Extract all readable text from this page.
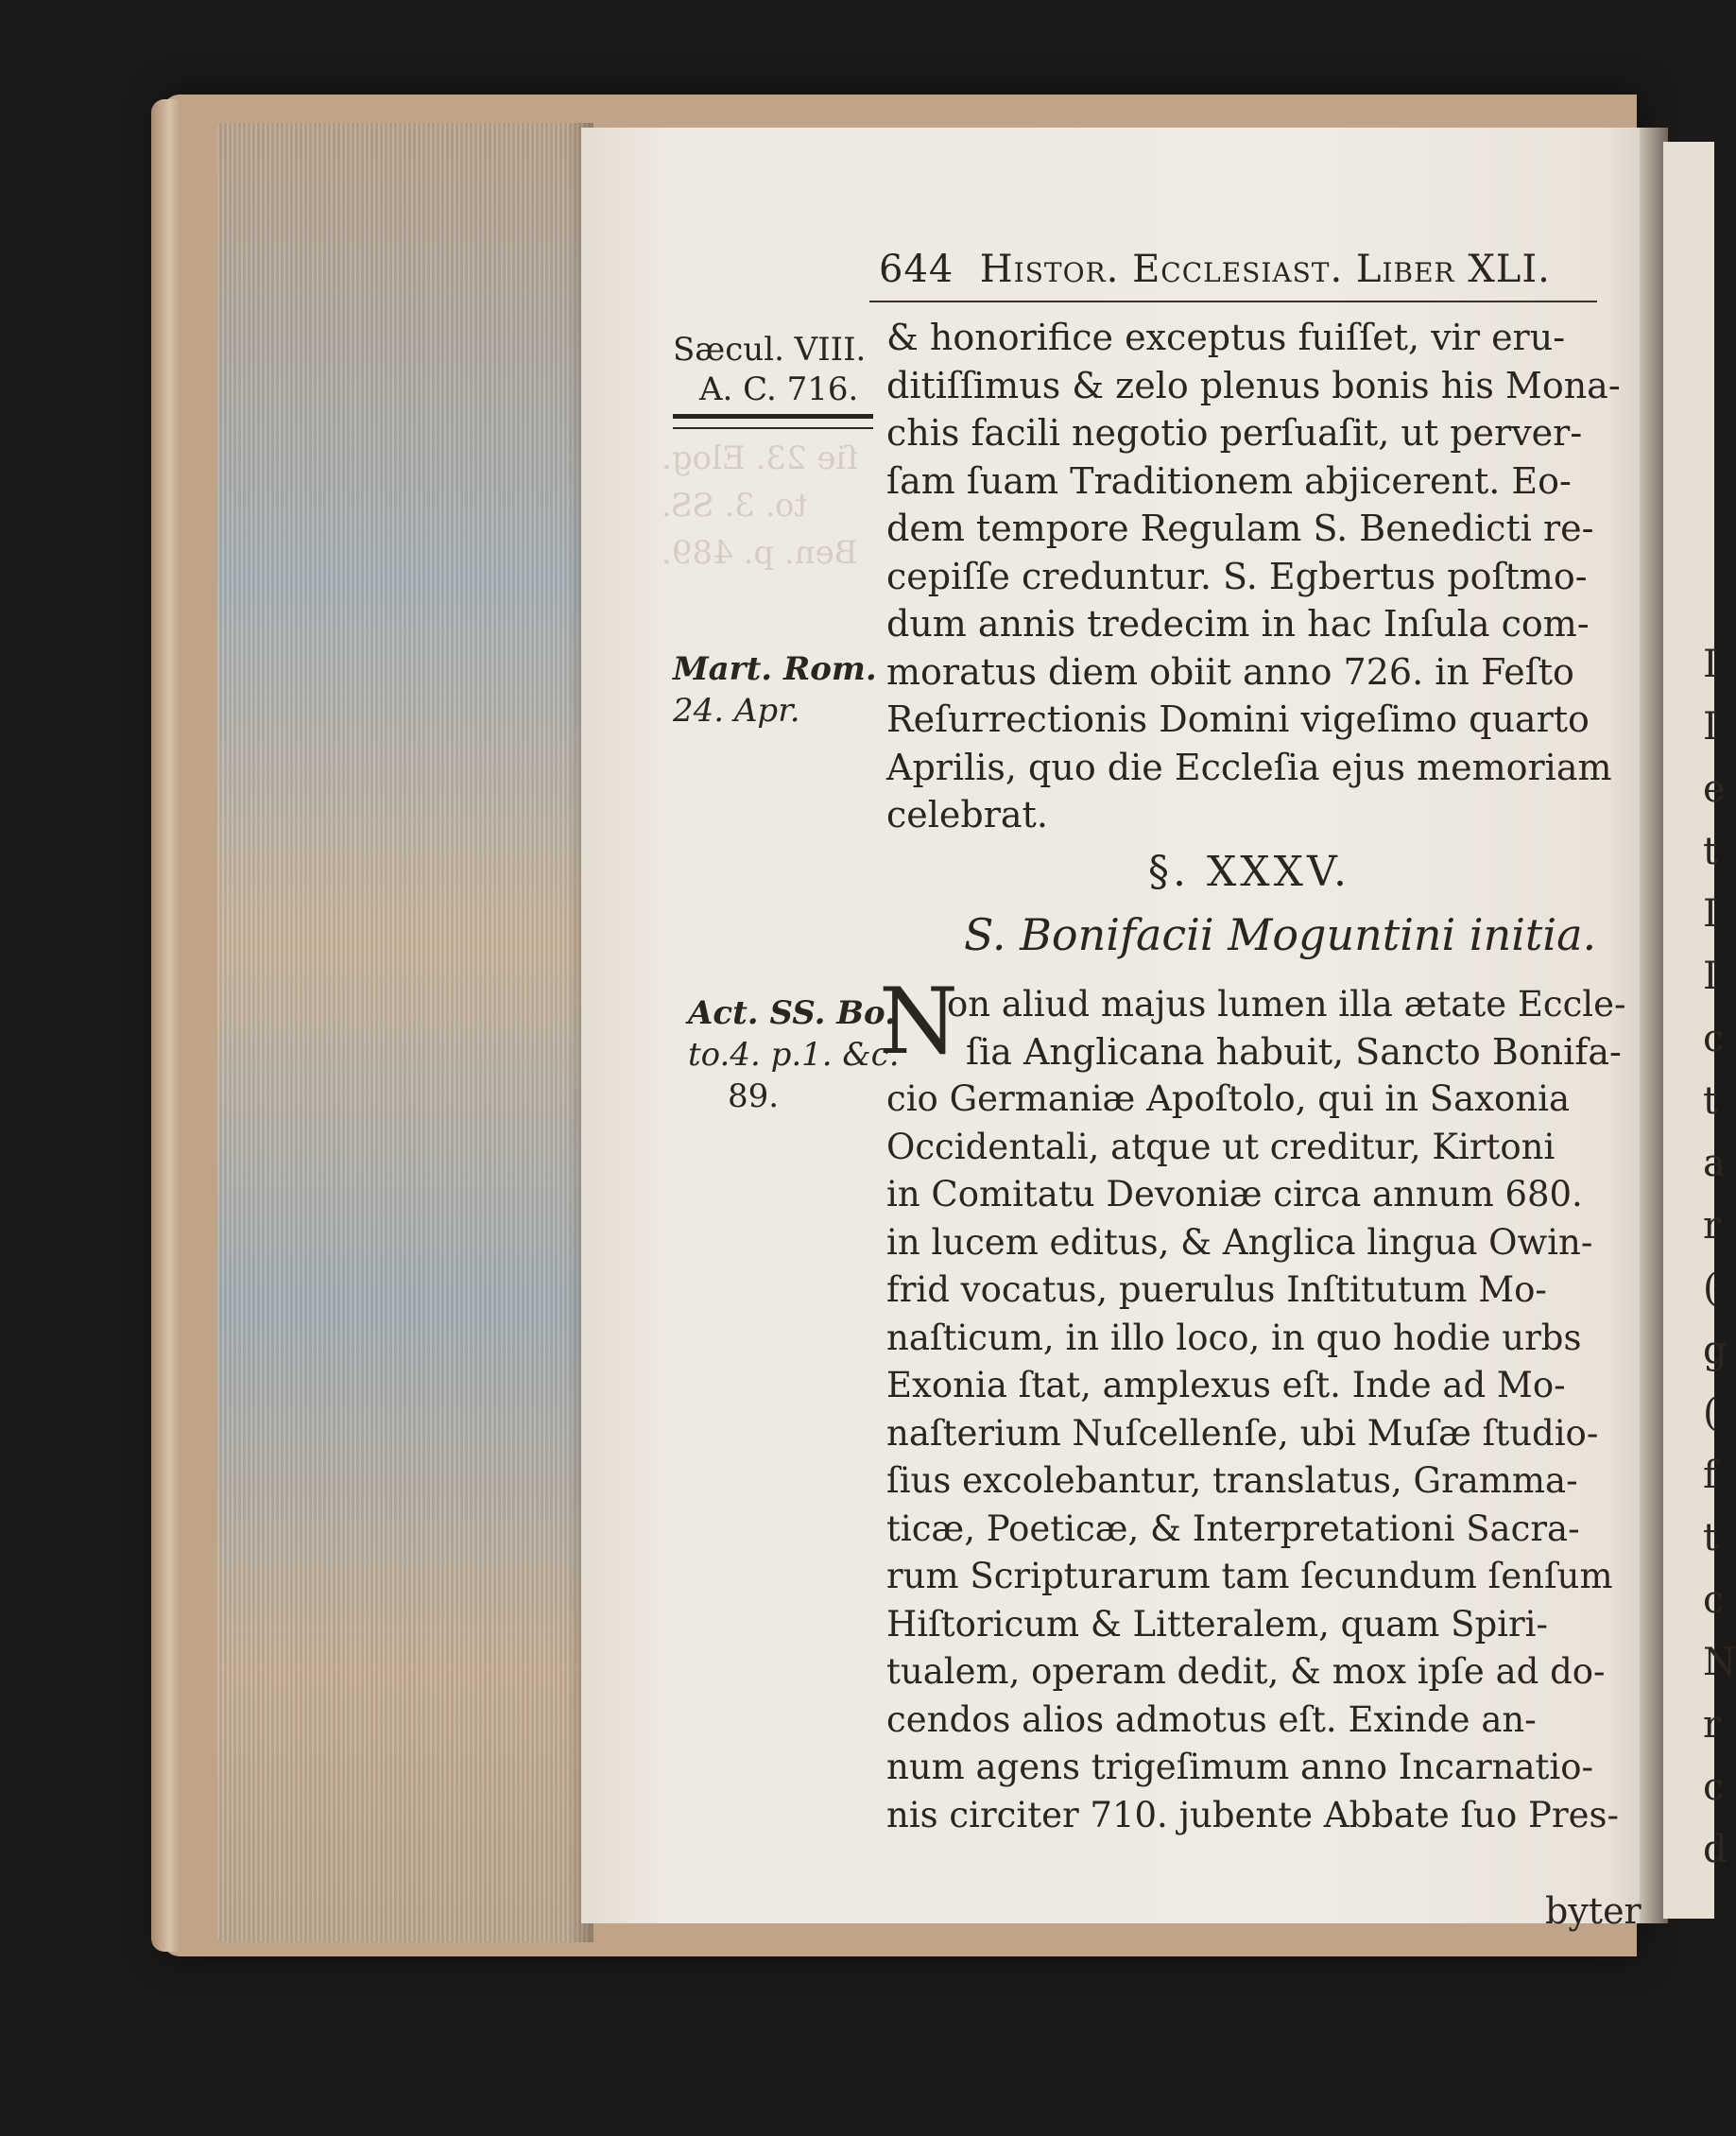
I
I
e
t
I
I
c
t
a
r
(
g
(
f
t
c
N
r
c
d
ſie 23. Elog.
to. 3. SS.
Ben. p. 489.
644 Histor. Ecclesiast. Liber XLI.
Sæcul. VIII.
A. C. 716.
Mart. Rom.
24. Apr.
Act. SS. Bo.
to.4. p.1. &c.
89.
& honorifice exceptus fuiſſet, vir eru-
ditiſſimus & zelo plenus bonis his Mona-
chis facili negotio perſuaſit, ut perver-
ſam ſuam Traditionem abjicerent. Eo-
dem tempore Regulam S. Benedicti re-
cepiſſe creduntur. S. Egbertus poſtmo-
dum annis tredecim in hac Inſula com-
moratus diem obiit anno 726. in Feſto
Reſurrectionis Domini vigeſimo quarto
Aprilis, quo die Eccleſia ejus memoriam
celebrat.
§. XXXV.
S. Bonifacii Moguntini initia.
N
on aliud majus lumen illa ætate Eccle-
ſia Anglicana habuit, Sancto Bonifa-
cio Germaniæ Apoſtolo, qui in Saxonia
Occidentali, atque ut creditur, Kirtoni
in Comitatu Devoniæ circa annum 680.
in lucem editus, & Anglica lingua Owin-
frid vocatus, puerulus Inſtitutum Mo-
naſticum, in illo loco, in quo hodie urbs
Exonia ſtat, amplexus eſt. Inde ad Mo-
naſterium Nuſcellenſe, ubi Muſæ ſtudio-
ſius excolebantur, translatus, Gramma-
ticæ, Poeticæ, & Interpretationi Sacra-
rum Scripturarum tam ſecundum ſenſum
Hiſtoricum & Litteralem, quam Spiri-
tualem, operam dedit, & mox ipſe ad do-
cendos alios admotus eſt. Exinde an-
num agens trigeſimum anno Incarnatio-
nis circiter 710. jubente Abbate ſuo Pres-
byter
